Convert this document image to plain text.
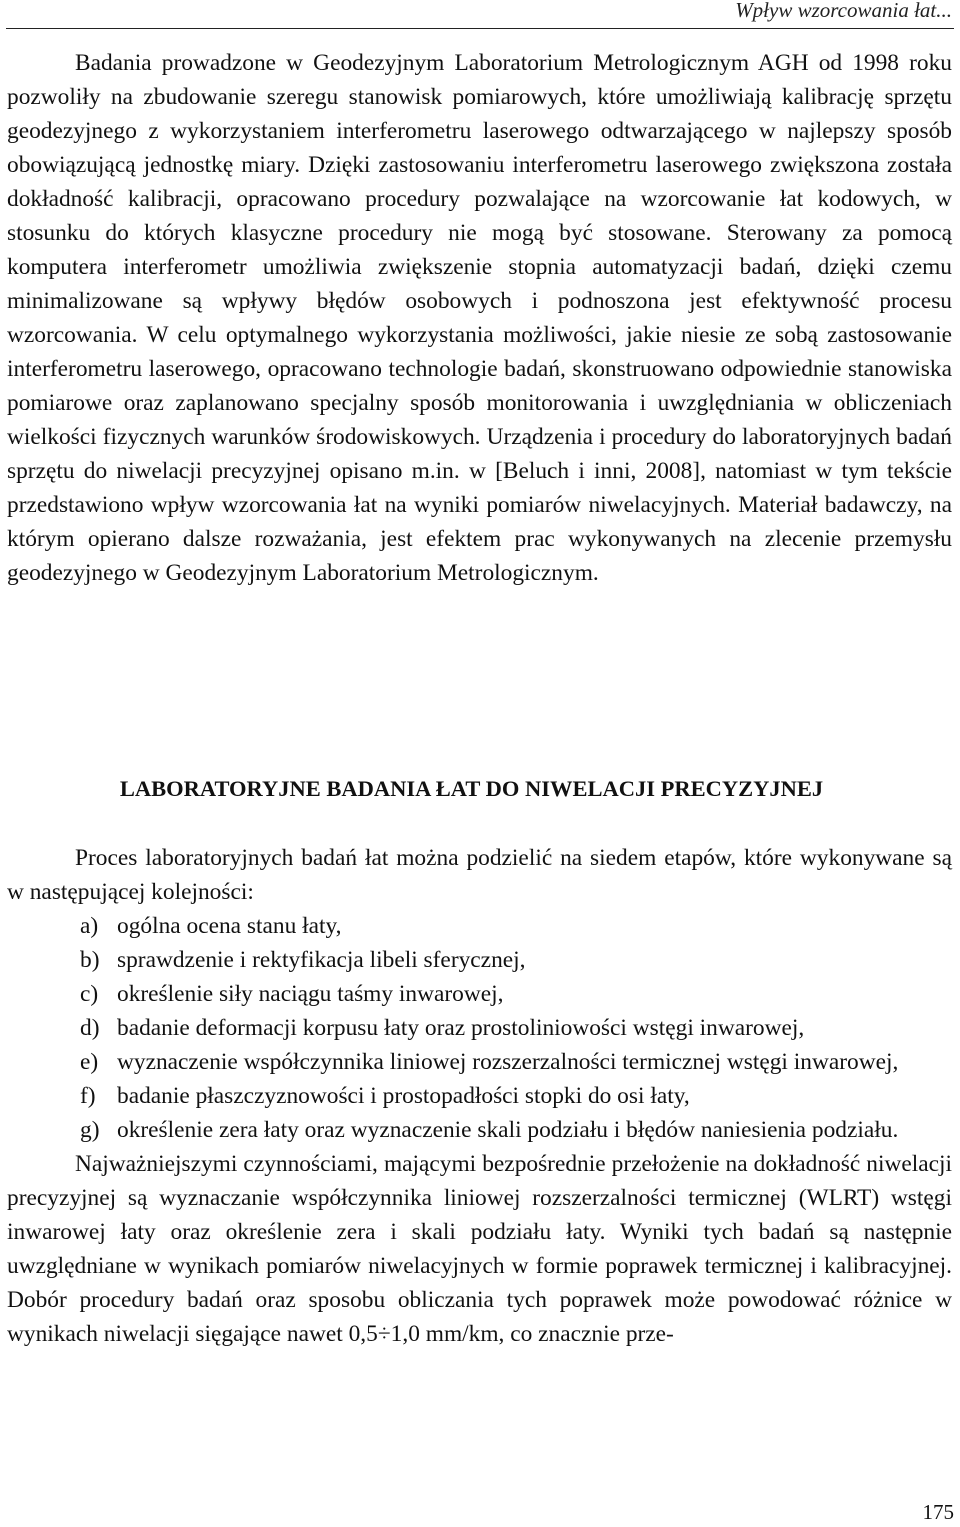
Wpływ wzorcowania łat...

Badania prowadzone w Geodezyjnym Laboratorium Metrologicznym AGH od 1998 roku pozwoliły na zbudowanie szeregu stanowisk pomiarowych, które umożliwiają kalibrację sprzętu geodezyjnego z wykorzystaniem interferometru laserowego odtwarzającego w najlepszy sposób obowiązującą jednostkę miary. Dzięki zastosowaniu interferometru laserowego zwiększona została dokładność kalibracji, opracowano procedury pozwalające na wzorcowanie łat kodowych, w stosunku do których klasyczne procedury nie mogą być stosowane. Sterowany za pomocą komputera interferometr umożliwia zwiększenie stopnia automatyzacji badań, dzięki czemu minimalizowane są wpływy błędów osobowych i podnoszona jest efektywność procesu wzorcowania. W celu optymalnego wykorzystania możliwości, jakie niesie ze sobą zastosowanie interferometru laserowego, opracowano technologie badań, skonstruowano odpowiednie stanowiska pomiarowe oraz zaplanowano specjalny sposób monitorowania i uwzględniania w obliczeniach wielkości fizycznych warunków środowiskowych. Urządzenia i procedury do laboratoryjnych badań sprzętu do niwelacji precyzyjnej opisano m.in. w [Beluch i inni, 2008], natomiast w tym tekście przedstawiono wpływ wzorcowania łat na wyniki pomiarów niwelacyjnych. Materiał badawczy, na którym opierano dalsze rozważania, jest efektem prac wykonywanych na zlecenie przemysłu geodezyjnego w Geodezyjnym Laboratorium Metrologicznym.

LABORATORYJNE BADANIA ŁAT DO NIWELACJI PRECYZYJNEJ

Proces laboratoryjnych badań łat można podzielić na siedem etapów, które wykonywane są w następującej kolejności:

a) ogólna ocena stanu łaty,
b) sprawdzenie i rektyfikacja libeli sferycznej,
c) określenie siły naciągu taśmy inwarowej,
d) badanie deformacji korpusu łaty oraz prostoliniowości wstęgi inwarowej,
e) wyznaczenie współczynnika liniowej rozszerzalności termicznej wstęgi inwarowej,
f) badanie płaszczyznowości i prostopadłości stopki do osi łaty,
g) określenie zera łaty oraz wyznaczenie skali podziału i błędów naniesienia podziału.

Najważniejszymi czynnościami, mającymi bezpośrednie przełożenie na dokładność niwelacji precyzyjnej są wyznaczanie współczynnika liniowej rozszerzalności termicznej (WLRT) wstęgi inwarowej łaty oraz określenie zera i skali podziału łaty. Wyniki tych badań są następnie uwzględniane w wynikach pomiarów niwelacyjnych w formie poprawek termicznej i kalibracyjnej. Dobór procedury badań oraz sposobu obliczania tych poprawek może powodować różnice w wynikach niwelacji sięgające nawet 0,5÷1,0 mm/km, co znacznie prze-

175
